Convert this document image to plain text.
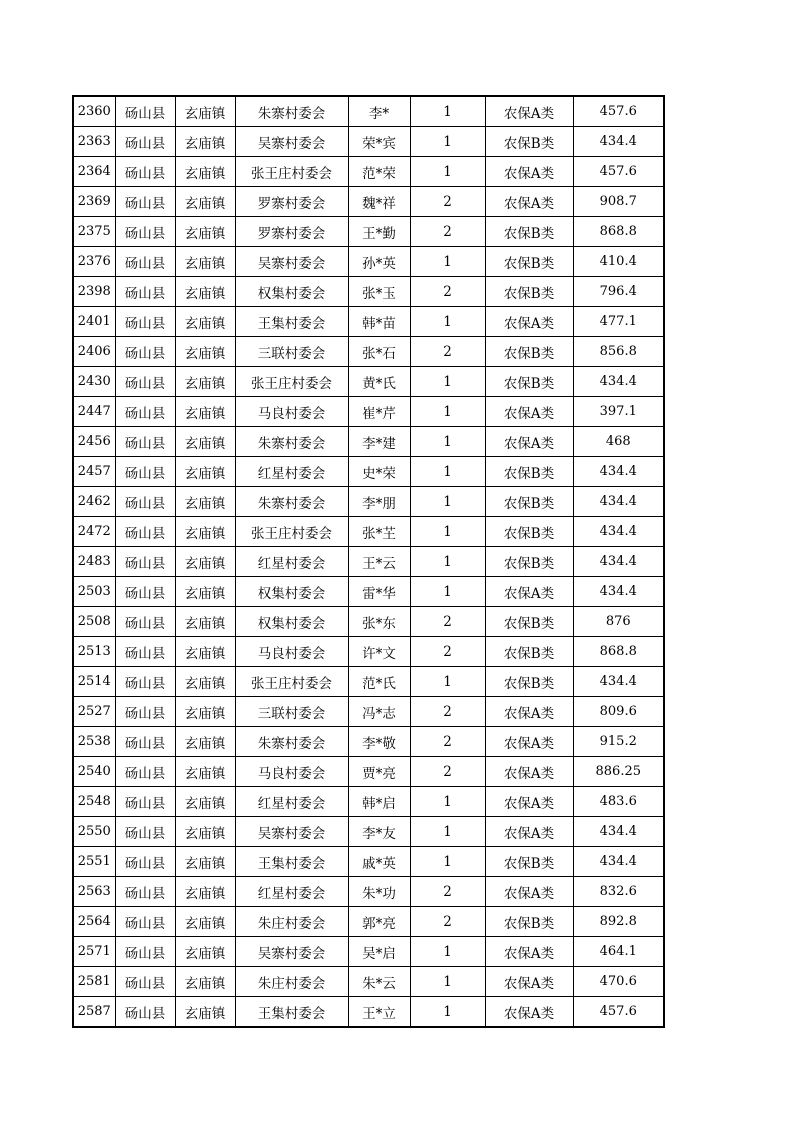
2360	砀山县	玄庙镇	朱寨村委会	李*	1	农保A类	457.6
2363	砀山县	玄庙镇	吴寨村委会	荣*宾	1	农保B类	434.4
2364	砀山县	玄庙镇	张王庄村委会	范*荣	1	农保A类	457.6
2369	砀山县	玄庙镇	罗寨村委会	魏*祥	2	农保A类	908.7
2375	砀山县	玄庙镇	罗寨村委会	王*勤	2	农保B类	868.8
2376	砀山县	玄庙镇	吴寨村委会	孙*英	1	农保B类	410.4
2398	砀山县	玄庙镇	权集村委会	张*玉	2	农保B类	796.4
2401	砀山县	玄庙镇	王集村委会	韩*苗	1	农保A类	477.1
2406	砀山县	玄庙镇	三联村委会	张*石	2	农保B类	856.8
2430	砀山县	玄庙镇	张王庄村委会	黄*氏	1	农保B类	434.4
2447	砀山县	玄庙镇	马良村委会	崔*芹	1	农保A类	397.1
2456	砀山县	玄庙镇	朱寨村委会	李*建	1	农保A类	468
2457	砀山县	玄庙镇	红星村委会	史*荣	1	农保B类	434.4
2462	砀山县	玄庙镇	朱寨村委会	李*朋	1	农保B类	434.4
2472	砀山县	玄庙镇	张王庄村委会	张*芏	1	农保B类	434.4
2483	砀山县	玄庙镇	红星村委会	王*云	1	农保B类	434.4
2503	砀山县	玄庙镇	权集村委会	雷*华	1	农保A类	434.4
2508	砀山县	玄庙镇	权集村委会	张*东	2	农保B类	876
2513	砀山县	玄庙镇	马良村委会	许*文	2	农保B类	868.8
2514	砀山县	玄庙镇	张王庄村委会	范*氏	1	农保B类	434.4
2527	砀山县	玄庙镇	三联村委会	冯*志	2	农保A类	809.6
2538	砀山县	玄庙镇	朱寨村委会	李*敬	2	农保A类	915.2
2540	砀山县	玄庙镇	马良村委会	贾*亮	2	农保A类	886.25
2548	砀山县	玄庙镇	红星村委会	韩*启	1	农保A类	483.6
2550	砀山县	玄庙镇	吴寨村委会	李*友	1	农保A类	434.4
2551	砀山县	玄庙镇	王集村委会	戚*英	1	农保B类	434.4
2563	砀山县	玄庙镇	红星村委会	朱*功	2	农保A类	832.6
2564	砀山县	玄庙镇	朱庄村委会	郭*亮	2	农保B类	892.8
2571	砀山县	玄庙镇	吴寨村委会	吴*启	1	农保A类	464.1
2581	砀山县	玄庙镇	朱庄村委会	朱*云	1	农保A类	470.6
2587	砀山县	玄庙镇	王集村委会	王*立	1	农保A类	457.6
